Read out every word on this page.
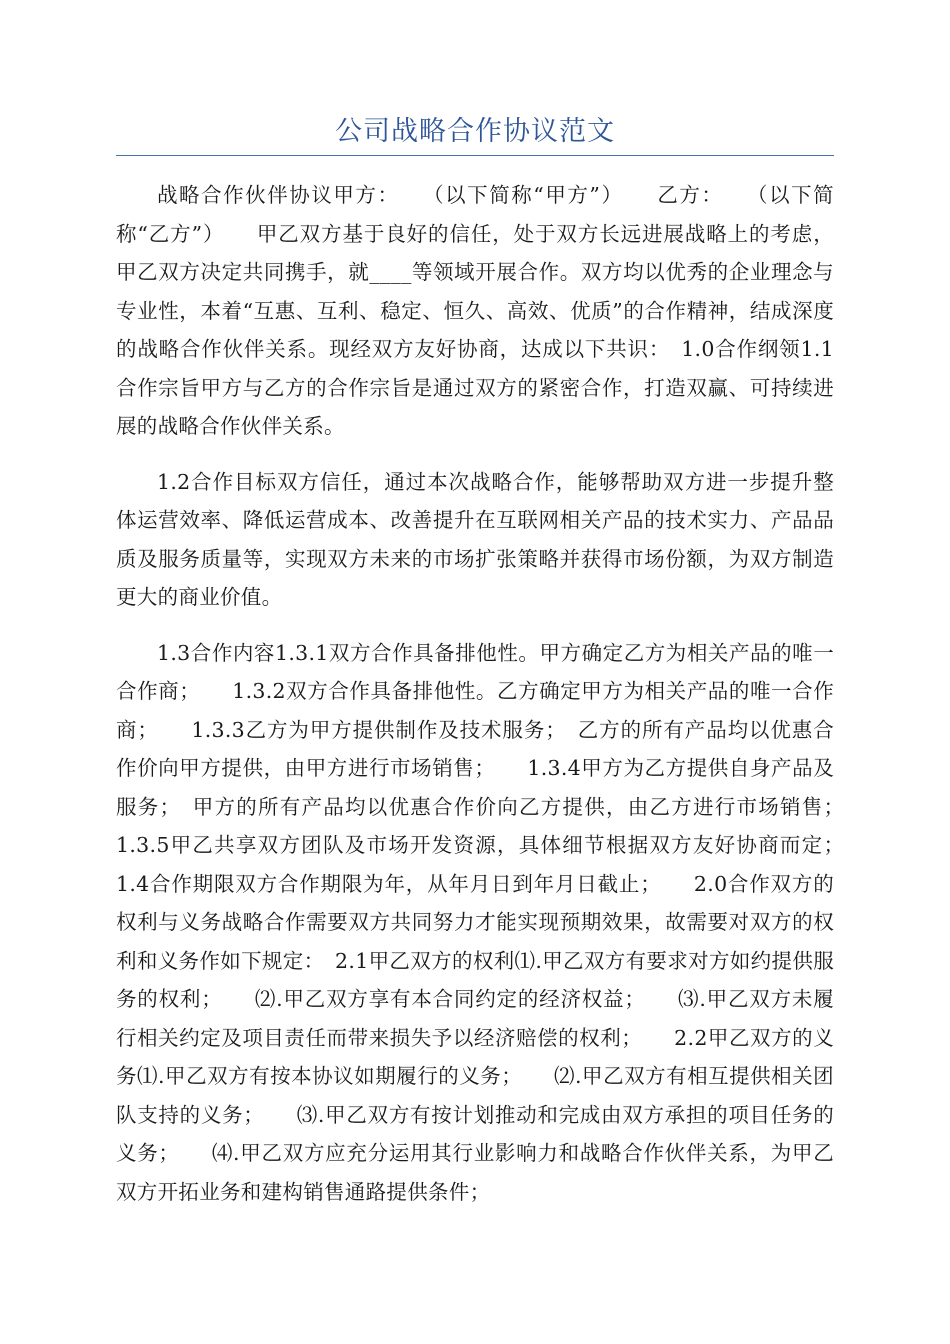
公司战略合作协议范文

战略合作伙伴协议甲方：　　（以下简称“甲方”）　　乙方：　　（以下简称“乙方”）　　甲乙双方基于良好的信任，处于双方长远进展战略上的考虑，甲乙双方决定共同携手，就____等领域开展合作。双方均以优秀的企业理念与专业性，本着“互惠、互利、稳定、恒久、高效、优质”的合作精神，结成深度的战略合作伙伴关系。现经双方友好协商，达成以下共识：　1.0合作纲领1.1合作宗旨甲方与乙方的合作宗旨是通过双方的紧密合作，打造双赢、可持续进展的战略合作伙伴关系。

1.2合作目标双方信任，通过本次战略合作，能够帮助双方进一步提升整体运营效率、降低运营成本、改善提升在互联网相关产品的技术实力、产品品质及服务质量等，实现双方未来的市场扩张策略并获得市场份额，为双方制造更大的商业价值。

1.3合作内容1.3.1双方合作具备排他性。甲方确定乙方为相关产品的唯一合作商；　　1.3.2双方合作具备排他性。乙方确定甲方为相关产品的唯一合作商；　　1.3.3乙方为甲方提供制作及技术服务；　乙方的所有产品均以优惠合作价向甲方提供，由甲方进行市场销售；　　1.3.4甲方为乙方提供自身产品及服务；　甲方的所有产品均以优惠合作价向乙方提供，由乙方进行市场销售；　　1.3.5甲乙共享双方团队及市场开发资源，具体细节根据双方友好协商而定；　　1.4合作期限双方合作期限为年，从年月日到年月日截止；　　2.0合作双方的权利与义务战略合作需要双方共同努力才能实现预期效果，故需要对双方的权利和义务作如下规定：　2.1甲乙双方的权利⑴.甲乙双方有要求对方如约提供服务的权利；　　⑵.甲乙双方享有本合同约定的经济权益；　　⑶.甲乙双方未履行相关约定及项目责任而带来损失予以经济赔偿的权利；　　2.2甲乙双方的义务⑴.甲乙双方有按本协议如期履行的义务；　　⑵.甲乙双方有相互提供相关团队支持的义务；　　⑶.甲乙双方有按计划推动和完成由双方承担的项目任务的义务；　　⑷.甲乙双方应充分运用其行业影响力和战略合作伙伴关系，为甲乙双方开拓业务和建构销售通路提供条件；
